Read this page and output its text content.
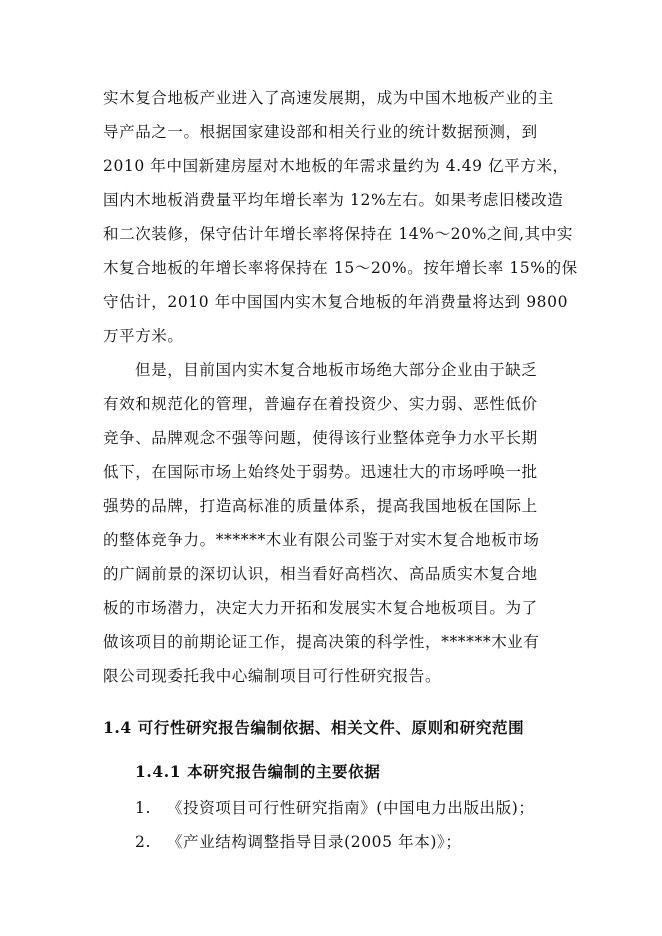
实木复合地板产业进入了高速发展期，成为中国木地板产业的主
导产品之一。根据国家建设部和相关行业的统计数据预测，到
2010 年中国新建房屋对木地板的年需求量约为 4.49 亿平方米，
国内木地板消费量平均年增长率为 12%左右。如果考虑旧楼改造
和二次装修，保守估计年增长率将保持在 14%～20%之间,其中实
木复合地板的年增长率将保持在 15～20%。按年增长率 15%的保
守估计，2010 年中国国内实木复合地板的年消费量将达到 9800
万平方米。
但是，目前国内实木复合地板市场绝大部分企业由于缺乏
有效和规范化的管理，普遍存在着投资少、实力弱、恶性低价
竞争、品牌观念不强等问题，使得该行业整体竞争力水平长期
低下，在国际市场上始终处于弱势。迅速壮大的市场呼唤一批
强势的品牌，打造高标准的质量体系，提高我国地板在国际上
的整体竞争力。******木业有限公司鉴于对实木复合地板市场
的广阔前景的深切认识，相当看好高档次、高品质实木复合地
板的市场潜力，决定大力开拓和发展实木复合地板项目。为了
做该项目的前期论证工作，提高决策的科学性，******木业有
限公司现委托我中心编制项目可行性研究报告。
1.4 可行性研究报告编制依据、相关文件、原则和研究范围
1.4.1 本研究报告编制的主要依据
1. 《投资项目可行性研究指南》(中国电力出版出版)；
2. 《产业结构调整指导目录(2005 年本)》；
